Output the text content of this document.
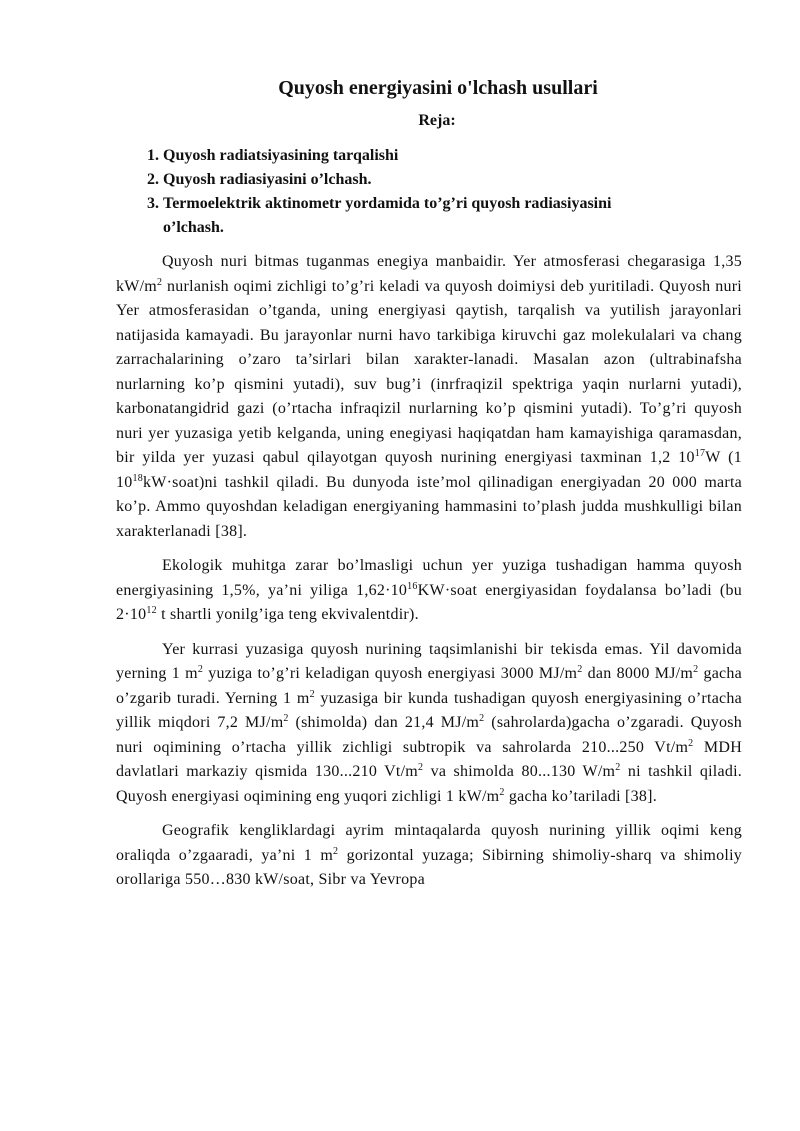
Quyosh energiyasini o'lchash usullari
Reja:
1. Quyosh radiatsiyasining tarqalishi
2. Quyosh radiasiyasini o’lchash.
3. Termoelektrik aktinometr yordamida to’g’ri quyosh radiasiyasini o’lchash.

Quyosh nuri bitmas tuganmas enegiya manbaidir. Yer atmosferasi chegarasiga 1,35 $kW/m^2$ nurlanish oqimi zichligi to’g’ri keladi va quyosh doimiysi deb yuritiladi. Quyosh nuri Yer atmosferasidan o’tganda, uning energiyasi qaytish, tarqalish va yutilish jarayonlari natijasida kamayadi. Bu jarayonlar nurni havo tarkibiga kiruvchi gaz molekulalari va chang zarrachalarining o’zaro ta’sirlari bilan xarakter-lanadi. Masalan azon (ultrabinafsha nurlarning ko’p qismini yutadi), suv bug’i (inrfraqizil spektriga yaqin nurlarni yutadi), karbonatangidrid gazi (o’rtacha infraqizil nurlarning ko’p qismini yutadi). To’g’ri quyosh nuri yer yuzasiga yetib kelganda, uning enegiyasi haqiqatdan ham kamayishiga qaramasdan, bir yilda yer yuzasi qabul qilayotgan quyosh nurining energiyasi taxminan 1,2 $10^{17}W$ (1 $10^{18}kW\cdot soat)ni$ tashkil qiladi. Bu dunyoda iste’mol qilinadigan energiyadan 20 000 marta ko’p. Ammo quyoshdan keladigan energiyaning hammasini to’plash judda mushkulligi bilan xarakterlanadi [38].

Ekologik muhitga zarar bo’lmasligi uchun yer yuziga tushadigan hamma quyosh energiyasining 1,5%, ya’ni yiliga $1,62\cdot 10^{16}KW\cdot soat$ energiyasidan foydalansa bo’ladi (bu $2\cdot 10^{12}$ t shartli yonilg’iga teng ekvivalentdir).

Yer kurrasi yuzasiga quyosh nurining taqsimlanishi bir tekisda emas. Yil davomida yerning 1 $m^2$ yuziga to’g’ri keladigan quyosh energiyasi 3000 $MJ/m^2$ dan 8000 $MJ/m^2$ gacha o’zgarib turadi. Yerning 1 $m^2$ yuzasiga bir kunda tushadigan quyosh energiyasining o’rtacha yillik miqdori 7,2 $MJ/m^2$ (shimolda) dan 21,4 $MJ/m^2$ (sahrolarda)gacha o’zgaradi. Quyosh nuri oqimining o’rtacha yillik zichligi subtropik va sahrolarda 210...250 $Vt/m^2$ MDH davlatlari markaziy qismida 130...210 $Vt/m^2$ va shimolda 80...130 $W/m^2$ ni tashkil qiladi. Quyosh energiyasi oqimining eng yuqori zichligi 1 $kW/m^2$ gacha ko’tariladi [38].

Geografik kengliklardagi ayrim mintaqalarda quyosh nurining yillik oqimi keng oraliqda o’zgaaradi, ya’ni 1 $m^2$ gorizontal yuzaga; Sibirning shimoliy-sharq va shimoliy orollariga 550…830 kW/soat, Sibr va Yevropa
